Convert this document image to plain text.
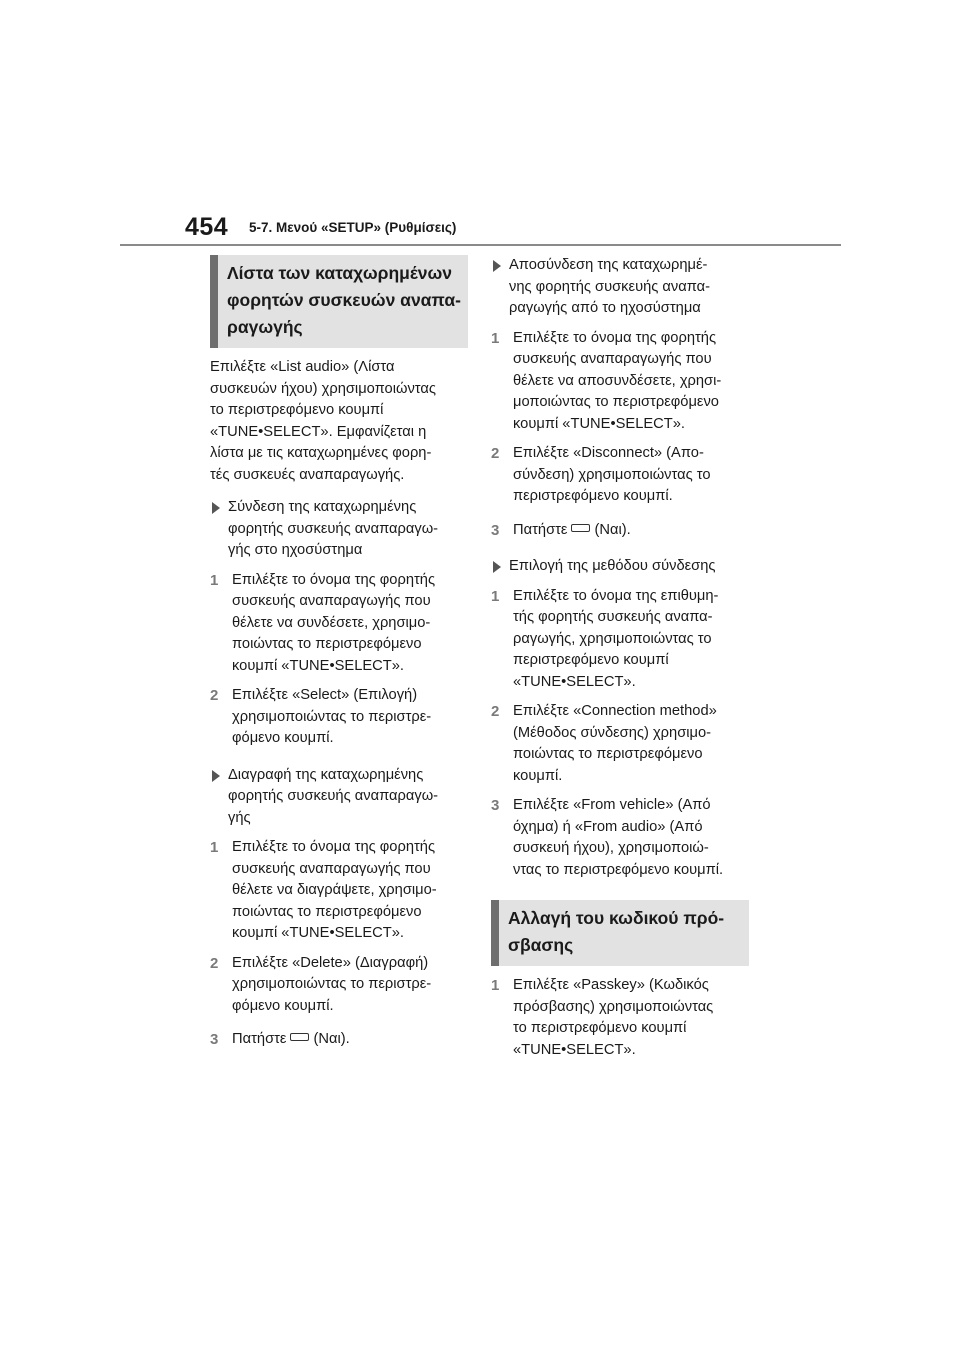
454 5-7. Μενού «SETUP» (Ρυθμίσεις)
Λίστα των καταχωρημένων
φορητών συσκευών αναπα-
ραγωγής
Επιλέξτε «List audio» (Λίστα
συσκευών ήχου) χρησιμοποιώντας
το περιστρεφόμενο κουμπί
«TUNE•SELECT». Εμφανίζεται η
λίστα με τις καταχωρημένες φορη-
τές συσκευές αναπαραγωγής.
Σύνδεση της καταχωρημένης
φορητής συσκευής αναπαραγω-
γής στο ηχοσύστημα
1 Επιλέξτε το όνομα της φορητής
συσκευής αναπαραγωγής που
θέλετε να συνδέσετε, χρησιμο-
ποιώντας το περιστρεφόμενο
κουμπί «TUNE•SELECT».
2 Επιλέξτε «Select» (Επιλογή)
χρησιμοποιώντας το περιστρε-
φόμενο κουμπί.
Διαγραφή της καταχωρημένης
φορητής συσκευής αναπαραγω-
γής
1 Επιλέξτε το όνομα της φορητής
συσκευής αναπαραγωγής που
θέλετε να διαγράψετε, χρησιμο-
ποιώντας το περιστρεφόμενο
κουμπί «TUNE•SELECT».
2 Επιλέξτε «Delete» (Διαγραφή)
χρησιμοποιώντας το περιστρε-
φόμενο κουμπί.
3 Πατήστε (Ναι).
Αποσύνδεση της καταχωρημέ-
νης φορητής συσκευής αναπα-
ραγωγής από το ηχοσύστημα
1 Επιλέξτε το όνομα της φορητής
συσκευής αναπαραγωγής που
θέλετε να αποσυνδέσετε, χρησι-
μοποιώντας το περιστρεφόμενο
κουμπί «TUNE•SELECT».
2 Επιλέξτε «Disconnect» (Απο-
σύνδεση) χρησιμοποιώντας το
περιστρεφόμενο κουμπί.
3 Πατήστε (Ναι).
Επιλογή της μεθόδου σύνδεσης
1 Επιλέξτε το όνομα της επιθυμη-
τής φορητής συσκευής αναπα-
ραγωγής, χρησιμοποιώντας το
περιστρεφόμενο κουμπί
«TUNE•SELECT».
2 Επιλέξτε «Connection method»
(Μέθοδος σύνδεσης) χρησιμο-
ποιώντας το περιστρεφόμενο
κουμπί.
3 Επιλέξτε «From vehicle» (Από
όχημα) ή «From audio» (Από
συσκευή ήχου), χρησιμοποιώ-
ντας το περιστρεφόμενο κουμπί.
Αλλαγή του κωδικού πρό-
σβασης
1 Επιλέξτε «Passkey» (Κωδικός
πρόσβασης) χρησιμοποιώντας
το περιστρεφόμενο κουμπί
«TUNE•SELECT».
